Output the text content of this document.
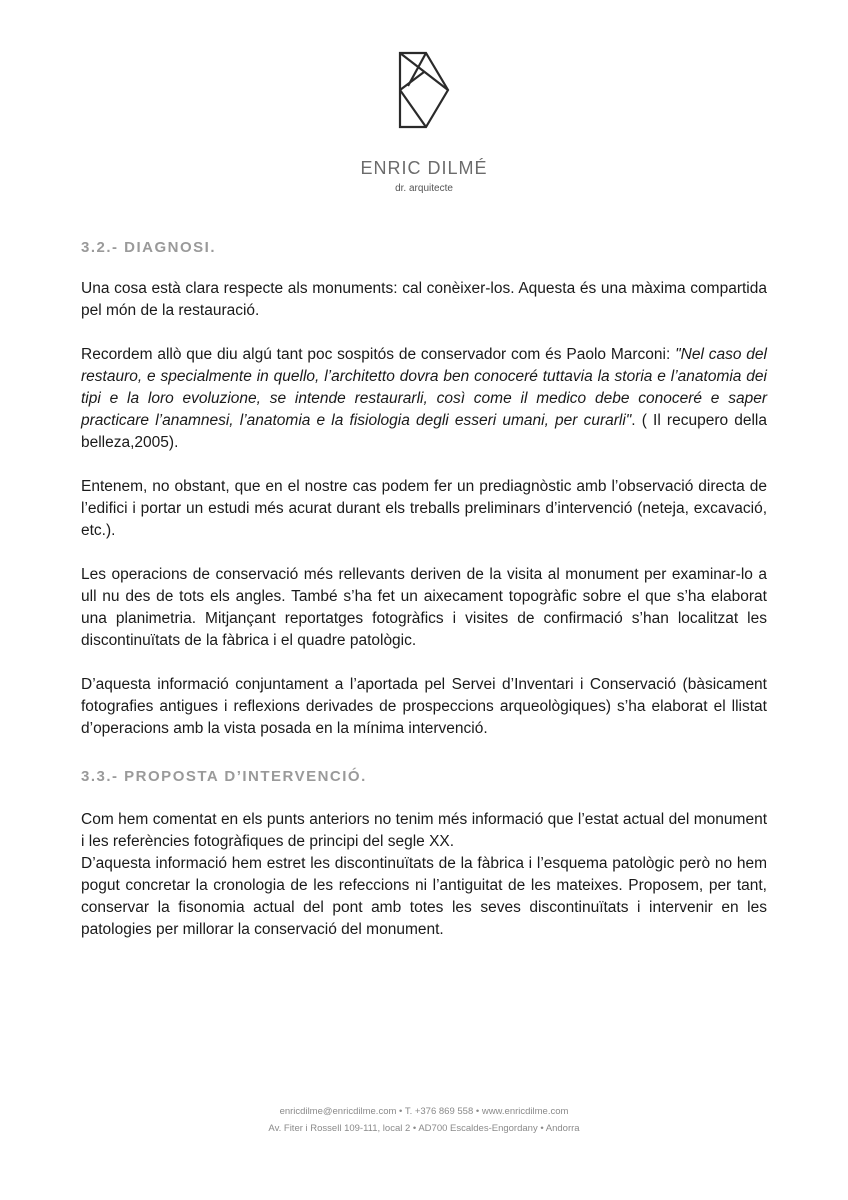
ENRIC DILMÉ
dr. arquitecte
3.2.- DIAGNOSI.

Una cosa està clara respecte als monuments: cal conèixer-los. Aquesta és una màxima compartida pel món de la restauració.

Recordem allò que diu algú tant poc sospitós de conservador com és Paolo Marconi: "Nel caso del restauro, e specialmente in quello, l’architetto dovra ben conoceré tuttavia la storia e l’anatomia dei tipi e la loro evoluzione, se intende restaurarli, così come il medico debe conoceré e saper practicare l’anamnesi, l’anatomia e la fisiologia degli esseri umani, per curarli". ( Il recupero della belleza,2005).

Entenem, no obstant, que en el nostre cas podem fer un prediagnòstic amb l’observació directa de l’edifici i portar un estudi més acurat durant els treballs preliminars d’intervenció (neteja, excavació, etc.).

Les operacions de conservació més rellevants deriven de la visita al monument per examinar-lo a ull nu des de tots els angles. També s’ha fet un aixecament topogràfic sobre el que s’ha elaborat una planimetria. Mitjançant reportatges fotogràfics i visites de confirmació s’han localitzat les discontinuïtats de la fàbrica i el quadre patològic.

D’aquesta informació conjuntament a l’aportada pel Servei d’Inventari i Conservació (bàsicament fotografies antigues i reflexions derivades de prospeccions arqueològiques) s’ha elaborat el llistat d’operacions amb la vista posada en la mínima intervenció.

3.3.- PROPOSTA D’INTERVENCIÓ.

Com hem comentat en els punts anteriors no tenim més informació que l’estat actual del monument i les referències fotogràfiques de principi del segle XX.

D’aquesta informació hem estret les discontinuïtats de la fàbrica i l’esquema patològic però no hem pogut concretar la cronologia de les refeccions ni l’antiguitat de les mateixes. Proposem, per tant, conservar la fisonomia actual del pont amb totes les seves discontinuïtats i intervenir en les patologies per millorar la conservació del monument.

enricdilme@enricdilme.com • T. +376 869 558 • www.enricdilme.com
Av. Fiter i Rossell 109-111, local 2 • AD700 Escaldes-Engordany • Andorra
